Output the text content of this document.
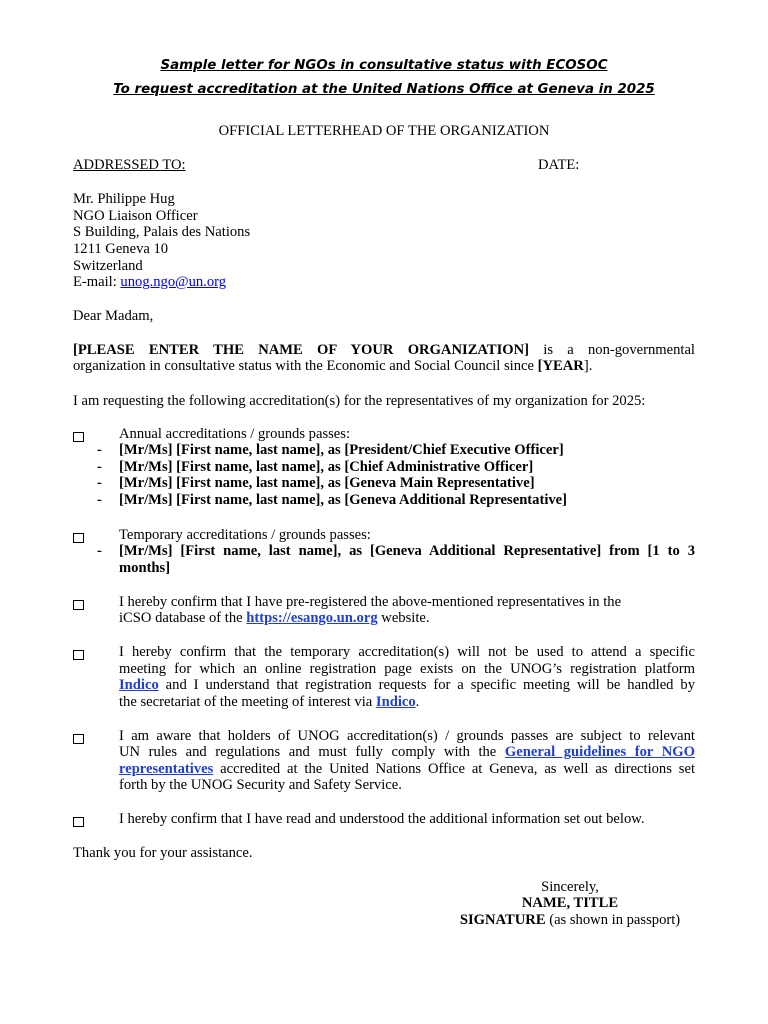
Sample letter for NGOs in consultative status with ECOSOC
To request accreditation at the United Nations Office at Geneva in 2025
OFFICIAL LETTERHEAD OF THE ORGANIZATION
ADDRESSED TO:	DATE:
Mr. Philippe Hug
NGO Liaison Officer
S Building, Palais des Nations
1211 Geneva 10
Switzerland
E-mail: unog.ngo@un.org
Dear Madam,
[PLEASE ENTER THE NAME OF YOUR ORGANIZATION] is a non-governmental
organization in consultative status with the Economic and Social Council since [YEAR].
I am requesting the following accreditation(s) for the representatives of my organization for 2025:
Annual accreditations / grounds passes:
- [Mr/Ms] [First name, last name], as [President/Chief Executive Officer]
- [Mr/Ms] [First name, last name], as [Chief Administrative Officer]
- [Mr/Ms] [First name, last name], as [Geneva Main Representative]
- [Mr/Ms] [First name, last name], as [Geneva Additional Representative]
Temporary accreditations / grounds passes:
- [Mr/Ms] [First name, last name], as [Geneva Additional Representative] from [1 to 3
months]
I hereby confirm that I have pre-registered the above-mentioned representatives in the
iCSO database of the https://esango.un.org website.
I hereby confirm that the temporary accreditation(s) will not be used to attend a specific
meeting for which an online registration page exists on the UNOG’s registration platform
Indico and I understand that registration requests for a specific meeting will be handled by
the secretariat of the meeting of interest via Indico.
I am aware that holders of UNOG accreditation(s) / grounds passes are subject to relevant
UN rules and regulations and must fully comply with the General guidelines for NGO
representatives accredited at the United Nations Office at Geneva, as well as directions set
forth by the UNOG Security and Safety Service.
I hereby confirm that I have read and understood the additional information set out below.
Thank you for your assistance.
Sincerely,
NAME, TITLE
SIGNATURE (as shown in passport)
